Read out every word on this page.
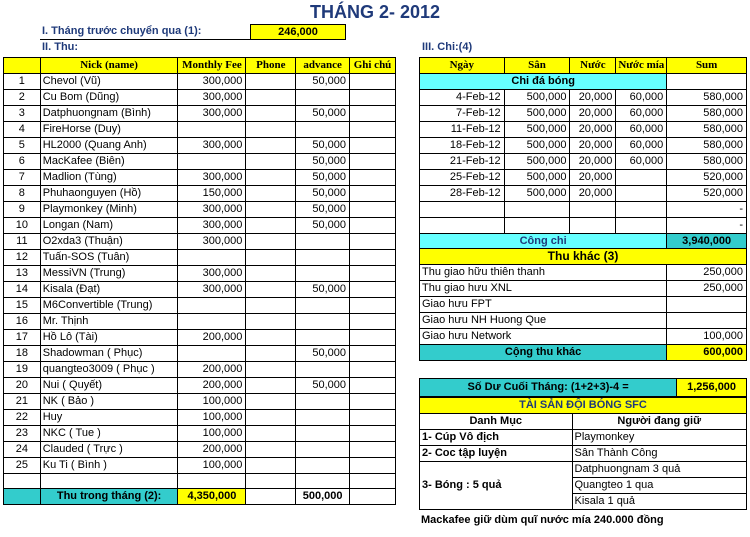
THÁNG 2- 2012
I. Tháng trước chuyển qua (1):	246,000
II. Thu:
	Nick (name)	Monthly Fee	Phone	advance	Ghi chú
1	Chevol (Vũ)	300,000		50,000	
2	Cu Bom (Dũng)	300,000			
3	Datphuongnam (Bình)	300,000		50,000	
4	FireHorse (Duy)				
5	HL2000 (Quang Anh)	300,000		50,000	
6	MacKafee (Biên)			50,000	
7	Madlion (Tùng)	300,000		50,000	
8	Phuhaonguyen (Hồ)	150,000		50,000	
9	Playmonkey (Minh)	300,000		50,000	
10	Longan (Nam)	300,000		50,000	
11	O2xda3 (Thuận)	300,000			
12	Tuấn-SOS (Tuân)				
13	MessiVN (Trung)	300,000			
14	Kisala (Đạt)	300,000		50,000	
15	M6Convertible (Trung)				
16	Mr. Thịnh				
17	Hồ Lô (Tài)	200,000			
18	Shadowman ( Phục)			50,000	
19	quangteo3009 ( Phục )	200,000			
20	Nui ( Quyết)	200,000		50,000	
21	NK ( Bảo )	100,000			
22	Huy	100,000			
23	NKC ( Tue )	100,000			
24	Clauded ( Trực )	200,000			
25	Ku Ti ( Bình )	100,000			

	Thu trong tháng (2):	4,350,000		500,000	
III. Chi:(4)
Ngày	Sân	Nước	Nước mía	Sum
Chi đá bóng				
4-Feb-12	500,000	20,000	60,000	580,000
7-Feb-12	500,000	20,000	60,000	580,000
11-Feb-12	500,000	20,000	60,000	580,000
18-Feb-12	500,000	20,000	60,000	580,000
21-Feb-12	500,000	20,000	60,000	580,000
25-Feb-12	500,000	20,000		520,000
28-Feb-12	500,000	20,000		520,000
				-
				-
Công chi				3,940,000
Thu khác (3)	
Thu giao hữu thiên thanh	250,000
Thu giao hưu XNL	250,000
Giao hưu FPT	
Giao hưu NH Huong Que	
Giao hưu Network	100,000
Cộng thu khác	600,000
Số Dư Cuối Tháng: (1+2+3)-4 =	1,256,000
TÀI SẢN ĐỘI BÓNG SFC	
Danh Mục	Người đang giữ
1- Cúp Vô địch	Playmonkey
2- Coc tập luyện	Sân Thành Công
3- Bóng : 5 quả	Datphuongnam 3 quả
	Quangteo 1 qua
	Kisala 1 quả
Mackafee giữ dùm quĩ nước mía 240.000 đồng
